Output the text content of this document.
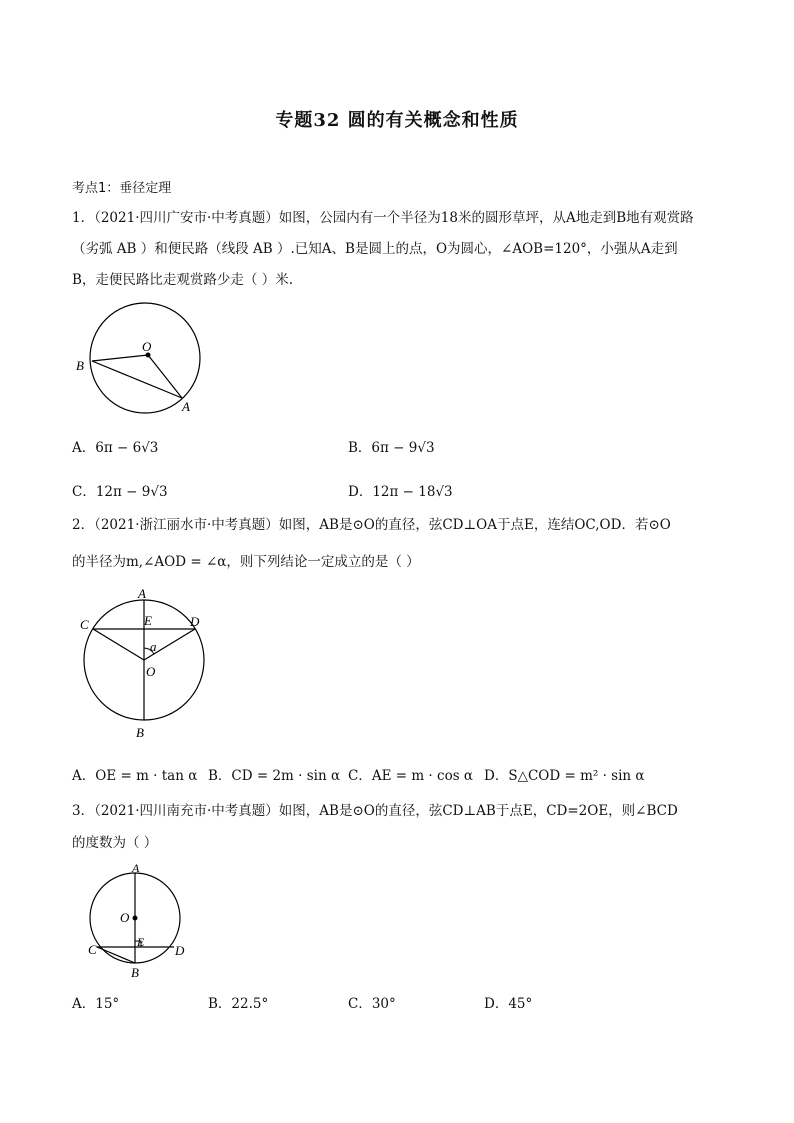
专题32 圆的有关概念和性质
考点1：垂径定理
1．（2021·四川广安市·中考真题）如图，公园内有一个半径为18米的圆形草坪，从A地走到B地有观赏路
（劣弧 AB ）和便民路（线段 AB ）.已知A、B是圆上的点，O为圆心，∠AOB=120°，小强从A走到
B，走便民路比走观赏路少走（ ）米.
O
B
A
A．6π − 6√3	B．6π − 9√3
C．12π − 9√3	D．12π − 18√3
2．（2021·浙江丽水市·中考真题）如图，AB是⊙O的直径，弦CD⊥OA于点E，连结OC,OD．若⊙O
的半径为m,∠AOD = ∠α，则下列结论一定成立的是（ ）
A
C	E	D
a
O
B
A．OE = m · tan α B．CD = 2m · sin α C．AE = m · cos α D．S△COD = m² · sin α
3．（2021·四川南充市·中考真题）如图，AB是⊙O的直径，弦CD⊥AB于点E，CD=2OE，则∠BCD
的度数为（ ）
A
O
E
C	D
B
A．15°	B．22.5°	C．30°	D．45°
